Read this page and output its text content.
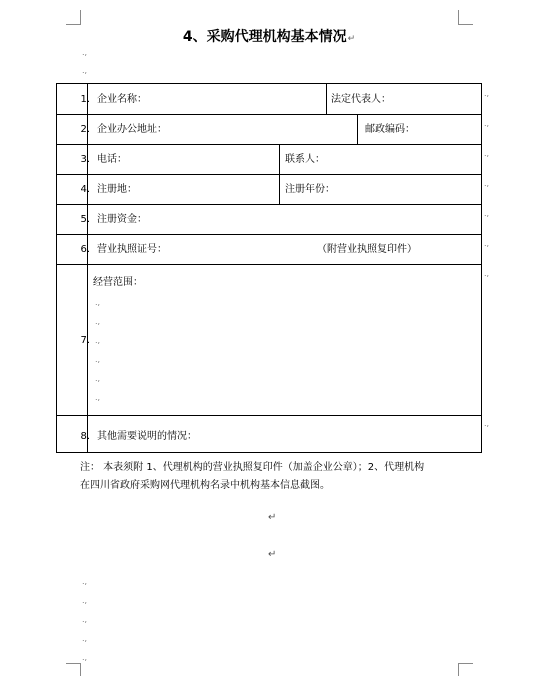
4、采购代理机构基本情况↵
.,
.,
1. 企业名称：	法定代表人：
2. 企业办公地址：	邮政编码：
3. 电话：	联系人：
4. 注册地：	注册年份：
5. 注册资金：
6. 营业执照证号：	（附营业执照复印件）
7.
经营范围：
.,
.,
.,
.,
.,
.,
8. 其他需要说明的情况：
.,
.,
.,
.,
.,
.,
.,
.,
注： 本表须附 1、代理机构的营业执照复印件（加盖企业公章）；2、代理机构
在四川省政府采购网代理机构名录中机构基本信息截图。
↵
↵
.,
.,
.,
.,
.,
